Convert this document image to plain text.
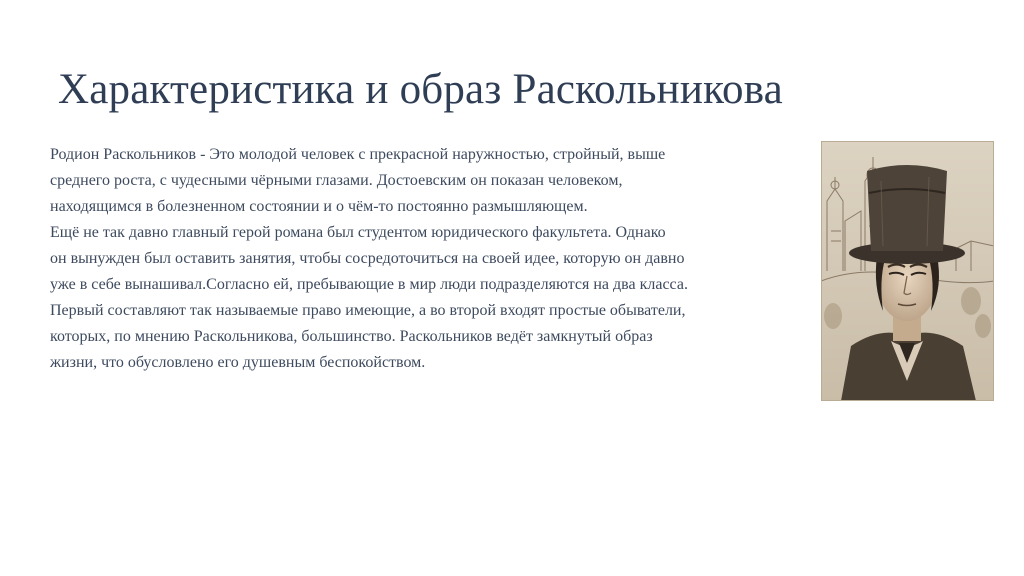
Характеристика и образ Раскольникова
Родион Раскольников - Это молодой человек с прекрасной наружностью, стройный, выше
среднего роста, с чудесными чёрными глазами. Достоевским он показан человеком,
находящимся в болезненном состоянии и о чём-то постоянно размышляющем.
Ещё не так давно главный герой романа был студентом юридического факультета. Однако
он вынужден был оставить занятия, чтобы сосредоточиться на своей идее, которую он давно
уже в себе вынашивал.Согласно ей, пребывающие в мир люди подразделяются на два класса.
Первый составляют так называемые право имеющие, а во второй входят простые обыватели,
которых, по мнению Раскольникова, большинство. Раскольников ведёт замкнутый образ
жизни, что обусловлено его душевным беспокойством.
